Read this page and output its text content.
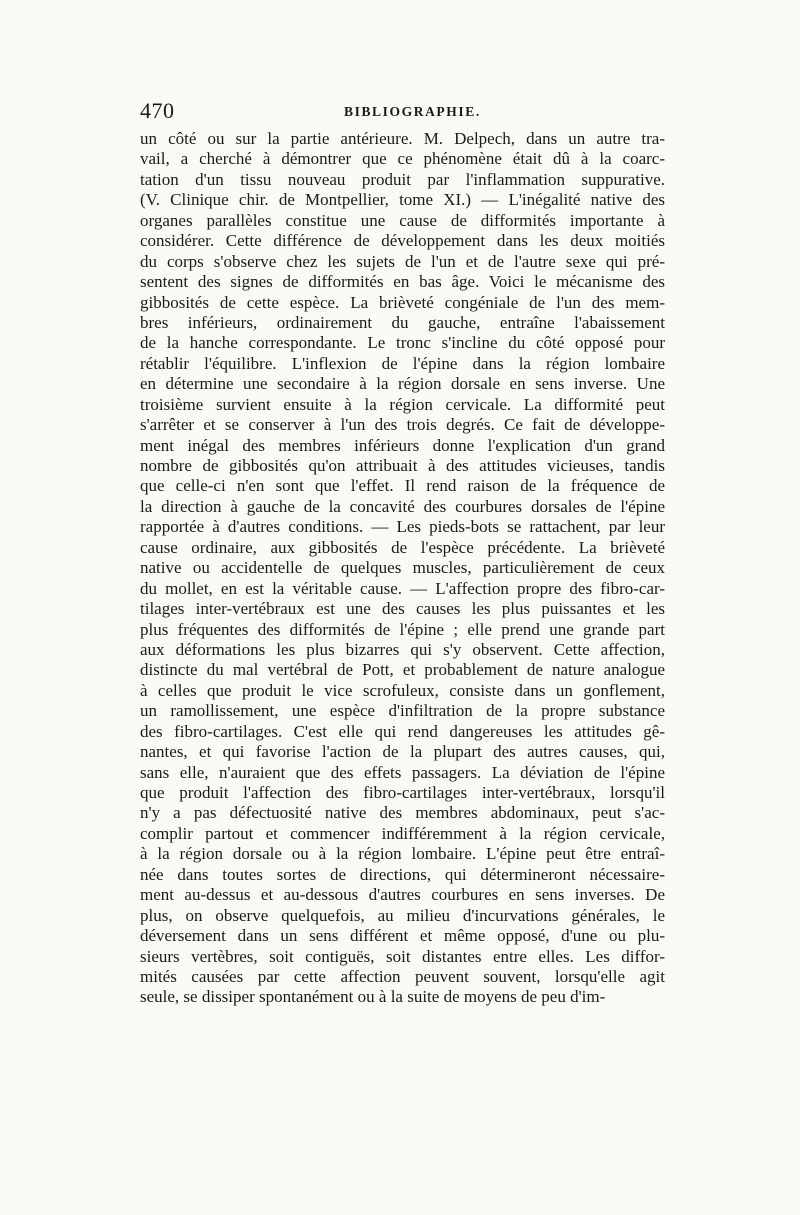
470	BIBLIOGRAPHIE.
un côté ou sur la partie antérieure. M. Delpech, dans un autre tra-
vail, a cherché à démontrer que ce phénomène était dû à la coarc-
tation d'un tissu nouveau produit par l'inflammation suppurative.
(V. Clinique chir. de Montpellier, tome XI.) — L'inégalité native des
organes parallèles constitue une cause de difformités importante à
considérer. Cette différence de développement dans les deux moitiés
du corps s'observe chez les sujets de l'un et de l'autre sexe qui pré-
sentent des signes de difformités en bas âge. Voici le mécanisme des
gibbosités de cette espèce. La brièveté congéniale de l'un des mem-
bres inférieurs, ordinairement du gauche, entraîne l'abaissement
de la hanche correspondante. Le tronc s'incline du côté opposé pour
rétablir l'équilibre. L'inflexion de l'épine dans la région lombaire
en détermine une secondaire à la région dorsale en sens inverse. Une
troisième survient ensuite à la région cervicale. La difformité peut
s'arrêter et se conserver à l'un des trois degrés. Ce fait de développe-
ment inégal des membres inférieurs donne l'explication d'un grand
nombre de gibbosités qu'on attribuait à des attitudes vicieuses, tandis
que celle-ci n'en sont que l'effet. Il rend raison de la fréquence de
la direction à gauche de la concavité des courbures dorsales de l'épine
rapportée à d'autres conditions. — Les pieds-bots se rattachent, par leur
cause ordinaire, aux gibbosités de l'espèce précédente. La brièveté
native ou accidentelle de quelques muscles, particulièrement de ceux
du mollet, en est la véritable cause. — L'affection propre des fibro-car-
tilages inter-vertébraux est une des causes les plus puissantes et les
plus fréquentes des difformités de l'épine ; elle prend une grande part
aux déformations les plus bizarres qui s'y observent. Cette affection,
distincte du mal vertébral de Pott, et probablement de nature analogue
à celles que produit le vice scrofuleux, consiste dans un gonflement,
un ramollissement, une espèce d'infiltration de la propre substance
des fibro-cartilages. C'est elle qui rend dangereuses les attitudes gê-
nantes, et qui favorise l'action de la plupart des autres causes, qui,
sans elle, n'auraient que des effets passagers. La déviation de l'épine
que produit l'affection des fibro-cartilages inter-vertébraux, lorsqu'il
n'y a pas défectuosité native des membres abdominaux, peut s'ac-
complir partout et commencer indifféremment à la région cervicale,
à la région dorsale ou à la région lombaire. L'épine peut être entraî-
née dans toutes sortes de directions, qui détermineront nécessaire-
ment au-dessus et au-dessous d'autres courbures en sens inverses. De
plus, on observe quelquefois, au milieu d'incurvations générales, le
déversement dans un sens différent et même opposé, d'une ou plu-
sieurs vertèbres, soit contiguës, soit distantes entre elles. Les diffor-
mités causées par cette affection peuvent souvent, lorsqu'elle agit
seule, se dissiper spontanément ou à la suite de moyens de peu d'im-
